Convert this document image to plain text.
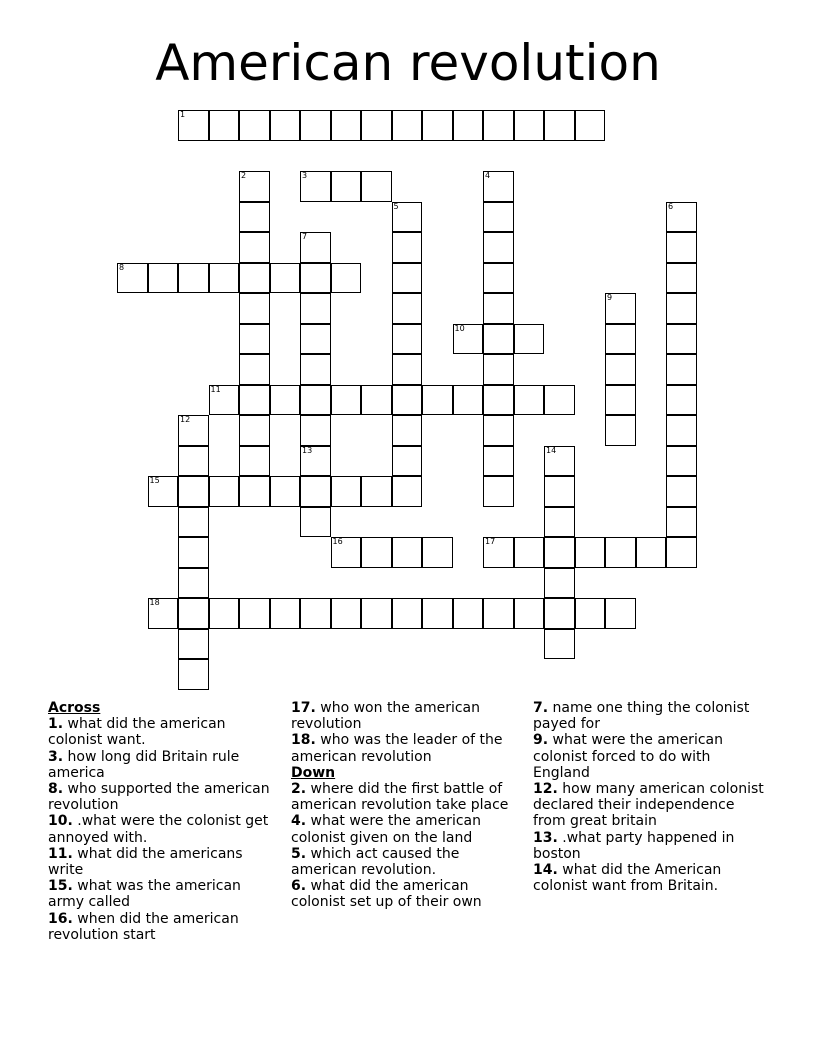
American revolution
1
2	3	4
5	6
7
13
8
9
10
11
12
14
15
16	17
18
Across
1. what did the american colonist want.
3. how long did Britain rule america
8. who supported the american revolution
10. .what were the colonist get annoyed with.
11. what did the americans write
15. what was the american army called
16. when did the american revolution start
17. who won the american revolution
18. who was the leader of the american revolution
Down
2. where did the first battle of american revolution take place
4. what were the american colonist given on the land
5. which act caused the american revolution.
6. what did the american colonist set up of their own
7. name one thing the colonist payed for
9. what were the american colonist forced to do with England
12. how many american colonist declared their independence from great britain
13. .what party happened in boston
14. what did the American colonist want from Britain.
